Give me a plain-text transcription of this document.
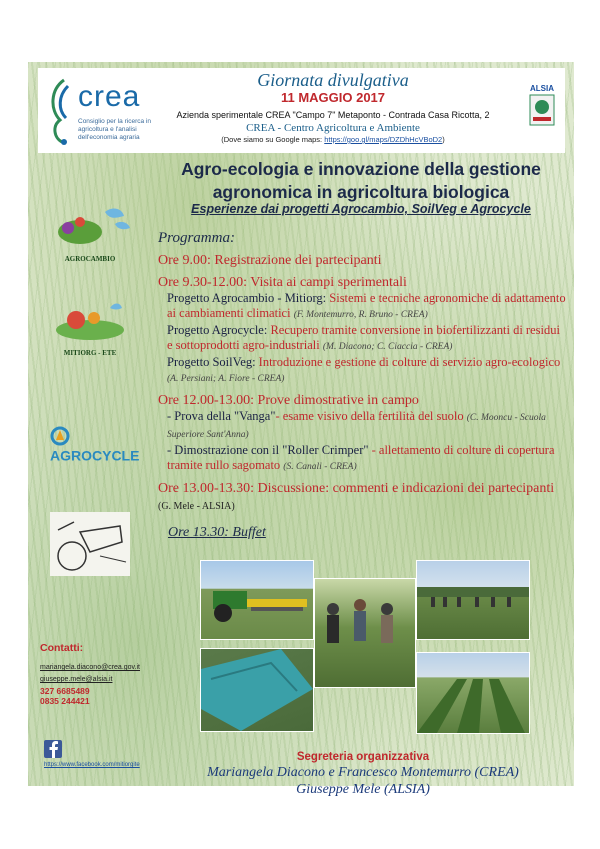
crea
Consiglio per la ricerca in agricoltura e l'analisi dell'economia agraria
Giornata divulgativa
11 MAGGIO 2017
Azienda sperimentale CREA "Campo 7" Metaponto - Contrada Casa Ricotta, 2
CREA - Centro Agricoltura e Ambiente
(Dove siamo su Google maps: https://goo.gl/maps/DZDhHcVBoD2)
ALSIA
Agro-ecologia e innovazione della gestione agronomica in agricoltura biologica
Esperienze dai progetti Agrocambio, SoilVeg e Agrocycle
AGROCAMBIO
MITIORG - ETE
AGROCYCLE
Programma:
Ore 9.00: Registrazione dei partecipanti
Ore 9.30-12.00: Visita ai campi sperimentali
Progetto Agrocambio - Mitiorg: Sistemi e tecniche agronomiche di adattamento ai cambiamenti climatici (F. Montemurro, R. Bruno - CREA)
Progetto Agrocycle: Recupero tramite conversione in biofertilizzanti di residui e sottoprodotti agro-industriali (M. Diacono; C. Ciaccia - CREA)
Progetto SoilVeg: Introduzione e gestione di colture di servizio agro-ecologico (A. Persiani; A. Fiore - CREA)
Ore 12.00-13.00: Prove dimostrative in campo
- Prova della "Vanga"- esame visivo della fertilità del suolo (C. Mooncu - Scuola Superiore Sant'Anna)
- Dimostrazione con il "Roller Crimper" - allettamento di colture di copertura tramite rullo sagomato (S. Canali - CREA)
Ore 13.00-13.30: Discussione: commenti e indicazioni dei partecipanti (G. Mele - ALSIA)
Ore 13.30: Buffet
Contatti:
mariangela.diacono@crea.gov.it
giuseppe.mele@alsia.it
327 6685489
0835 244421
https://www.facebook.com/mitiorgite
Segreteria organizzativa
Mariangela Diacono e Francesco Montemurro (CREA)
Giuseppe Mele (ALSIA)
